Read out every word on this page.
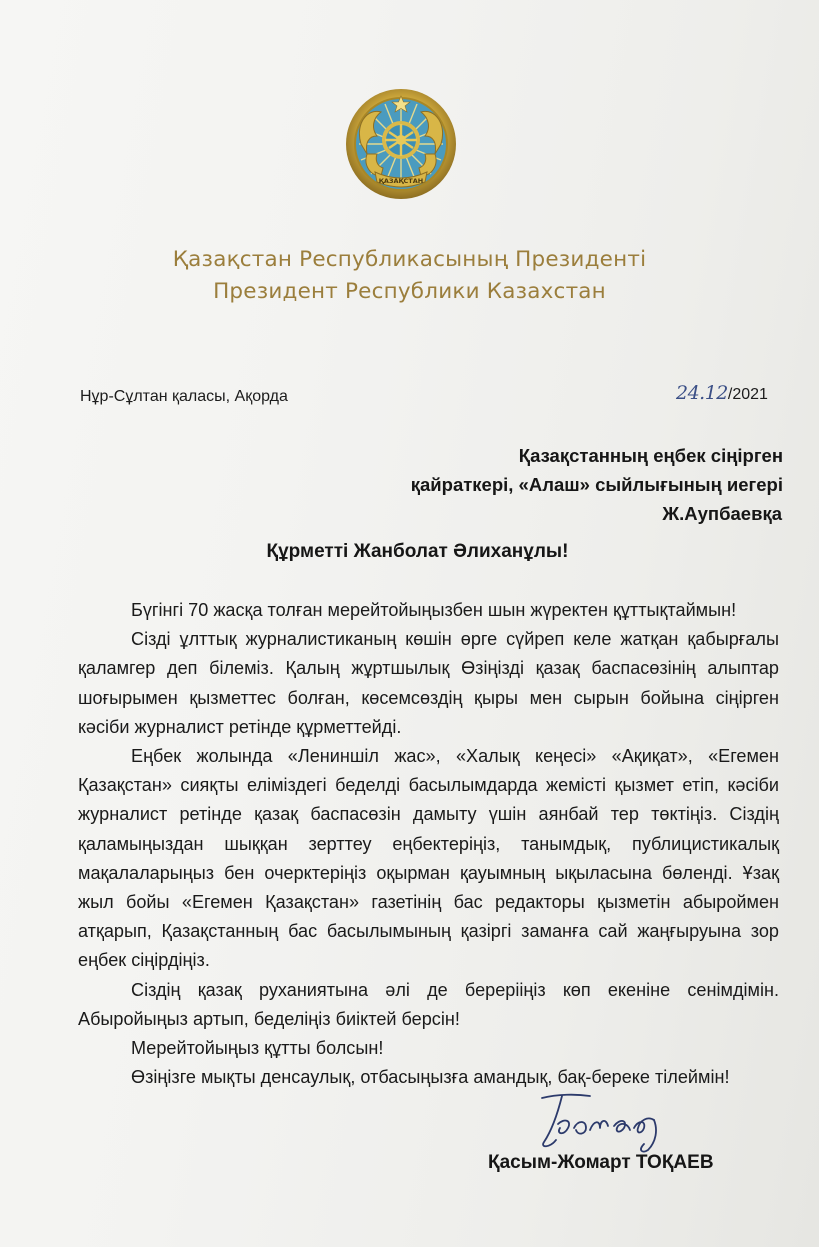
ҚАЗАҚСТАН
Қазақстан Республикасының Президенті
Президент Республики Казахстан
Нұр-Сұлтан қаласы, Ақорда	24.12/2021
Қазақстанның еңбек сіңірген
қайраткері, «Алаш» сыйлығының иегері
Ж.Аупбаевқа
Құрметті Жанболат Әлиханұлы!

Бүгінгі 70 жасқа толған мерейтойыңызбен шын жүректен құттықтаймын!

Сізді ұлттық журналистиканың көшін өрге сүйреп келе жатқан қабырғалы қаламгер деп білеміз. Қалың жұртшылық Өзіңізді қазақ баспасөзінің алыптар шоғырымен қызметтес болған, көсемсөздің қыры мен сырын бойына сіңірген кәсіби журналист ретінде құрметтейді.

Еңбек жолында «Лениншіл жас», «Халық кеңесі» «Ақиқат», «Егемен Қазақстан» сияқты еліміздегі беделді басылымдарда жемісті қызмет етіп, кәсіби журналист ретінде қазақ баспасөзін дамыту үшін аянбай тер төктіңіз. Сіздің қаламыңыздан шыққан зерттеу еңбектеріңіз, танымдық, публицистикалық мақалаларыңыз бен очерктеріңіз оқырман қауымның ықыласына бөленді. Ұзақ жыл бойы «Егемен Қазақстан» газетінің бас редакторы қызметін абыроймен атқарып, Қазақстанның бас басылымының қазіргі заманға сай жаңғыруына зор еңбек сіңірдіңіз.

Сіздің қазақ руханиятына әлі де берерііңіз көп екеніне сенімдімін. Абыройыңыз артып, беделіңіз биіктей берсін!

Мерейтойыңыз құтты болсын!

Өзіңізге мықты денсаулық, отбасыңызға амандық, бақ-береке тілеймін!

Қасым-Жомарт ТОҚАЕВ
